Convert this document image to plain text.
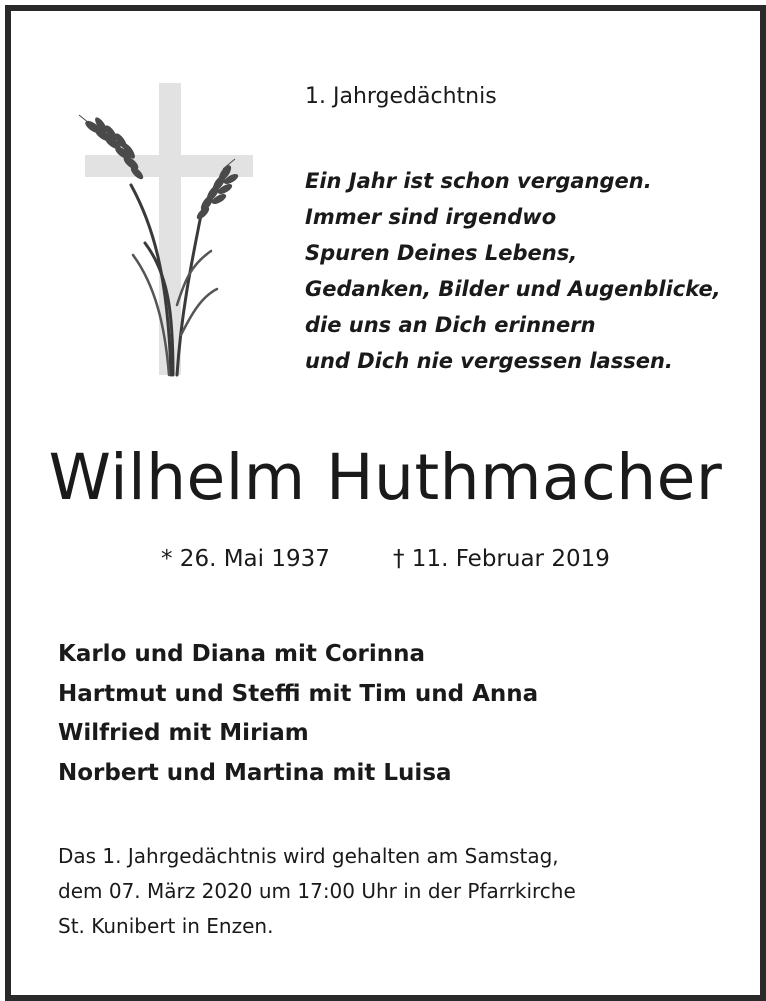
1. Jahrgedächtnis
Ein Jahr ist schon vergangen.
Immer sind irgendwo
Spuren Deines Lebens,
Gedanken, Bilder und Augenblicke,
die uns an Dich erinnern
und Dich nie vergessen lassen.
Wilhelm Huthmacher
* 26. Mai 1937	† 11. Februar 2019
Karlo und Diana mit Corinna
Hartmut und Steffi mit Tim und Anna
Wilfried mit Miriam
Norbert und Martina mit Luisa
Das 1. Jahrgedächtnis wird gehalten am Samstag,
dem 07. März 2020 um 17:00 Uhr in der Pfarrkirche
St. Kunibert in Enzen.
